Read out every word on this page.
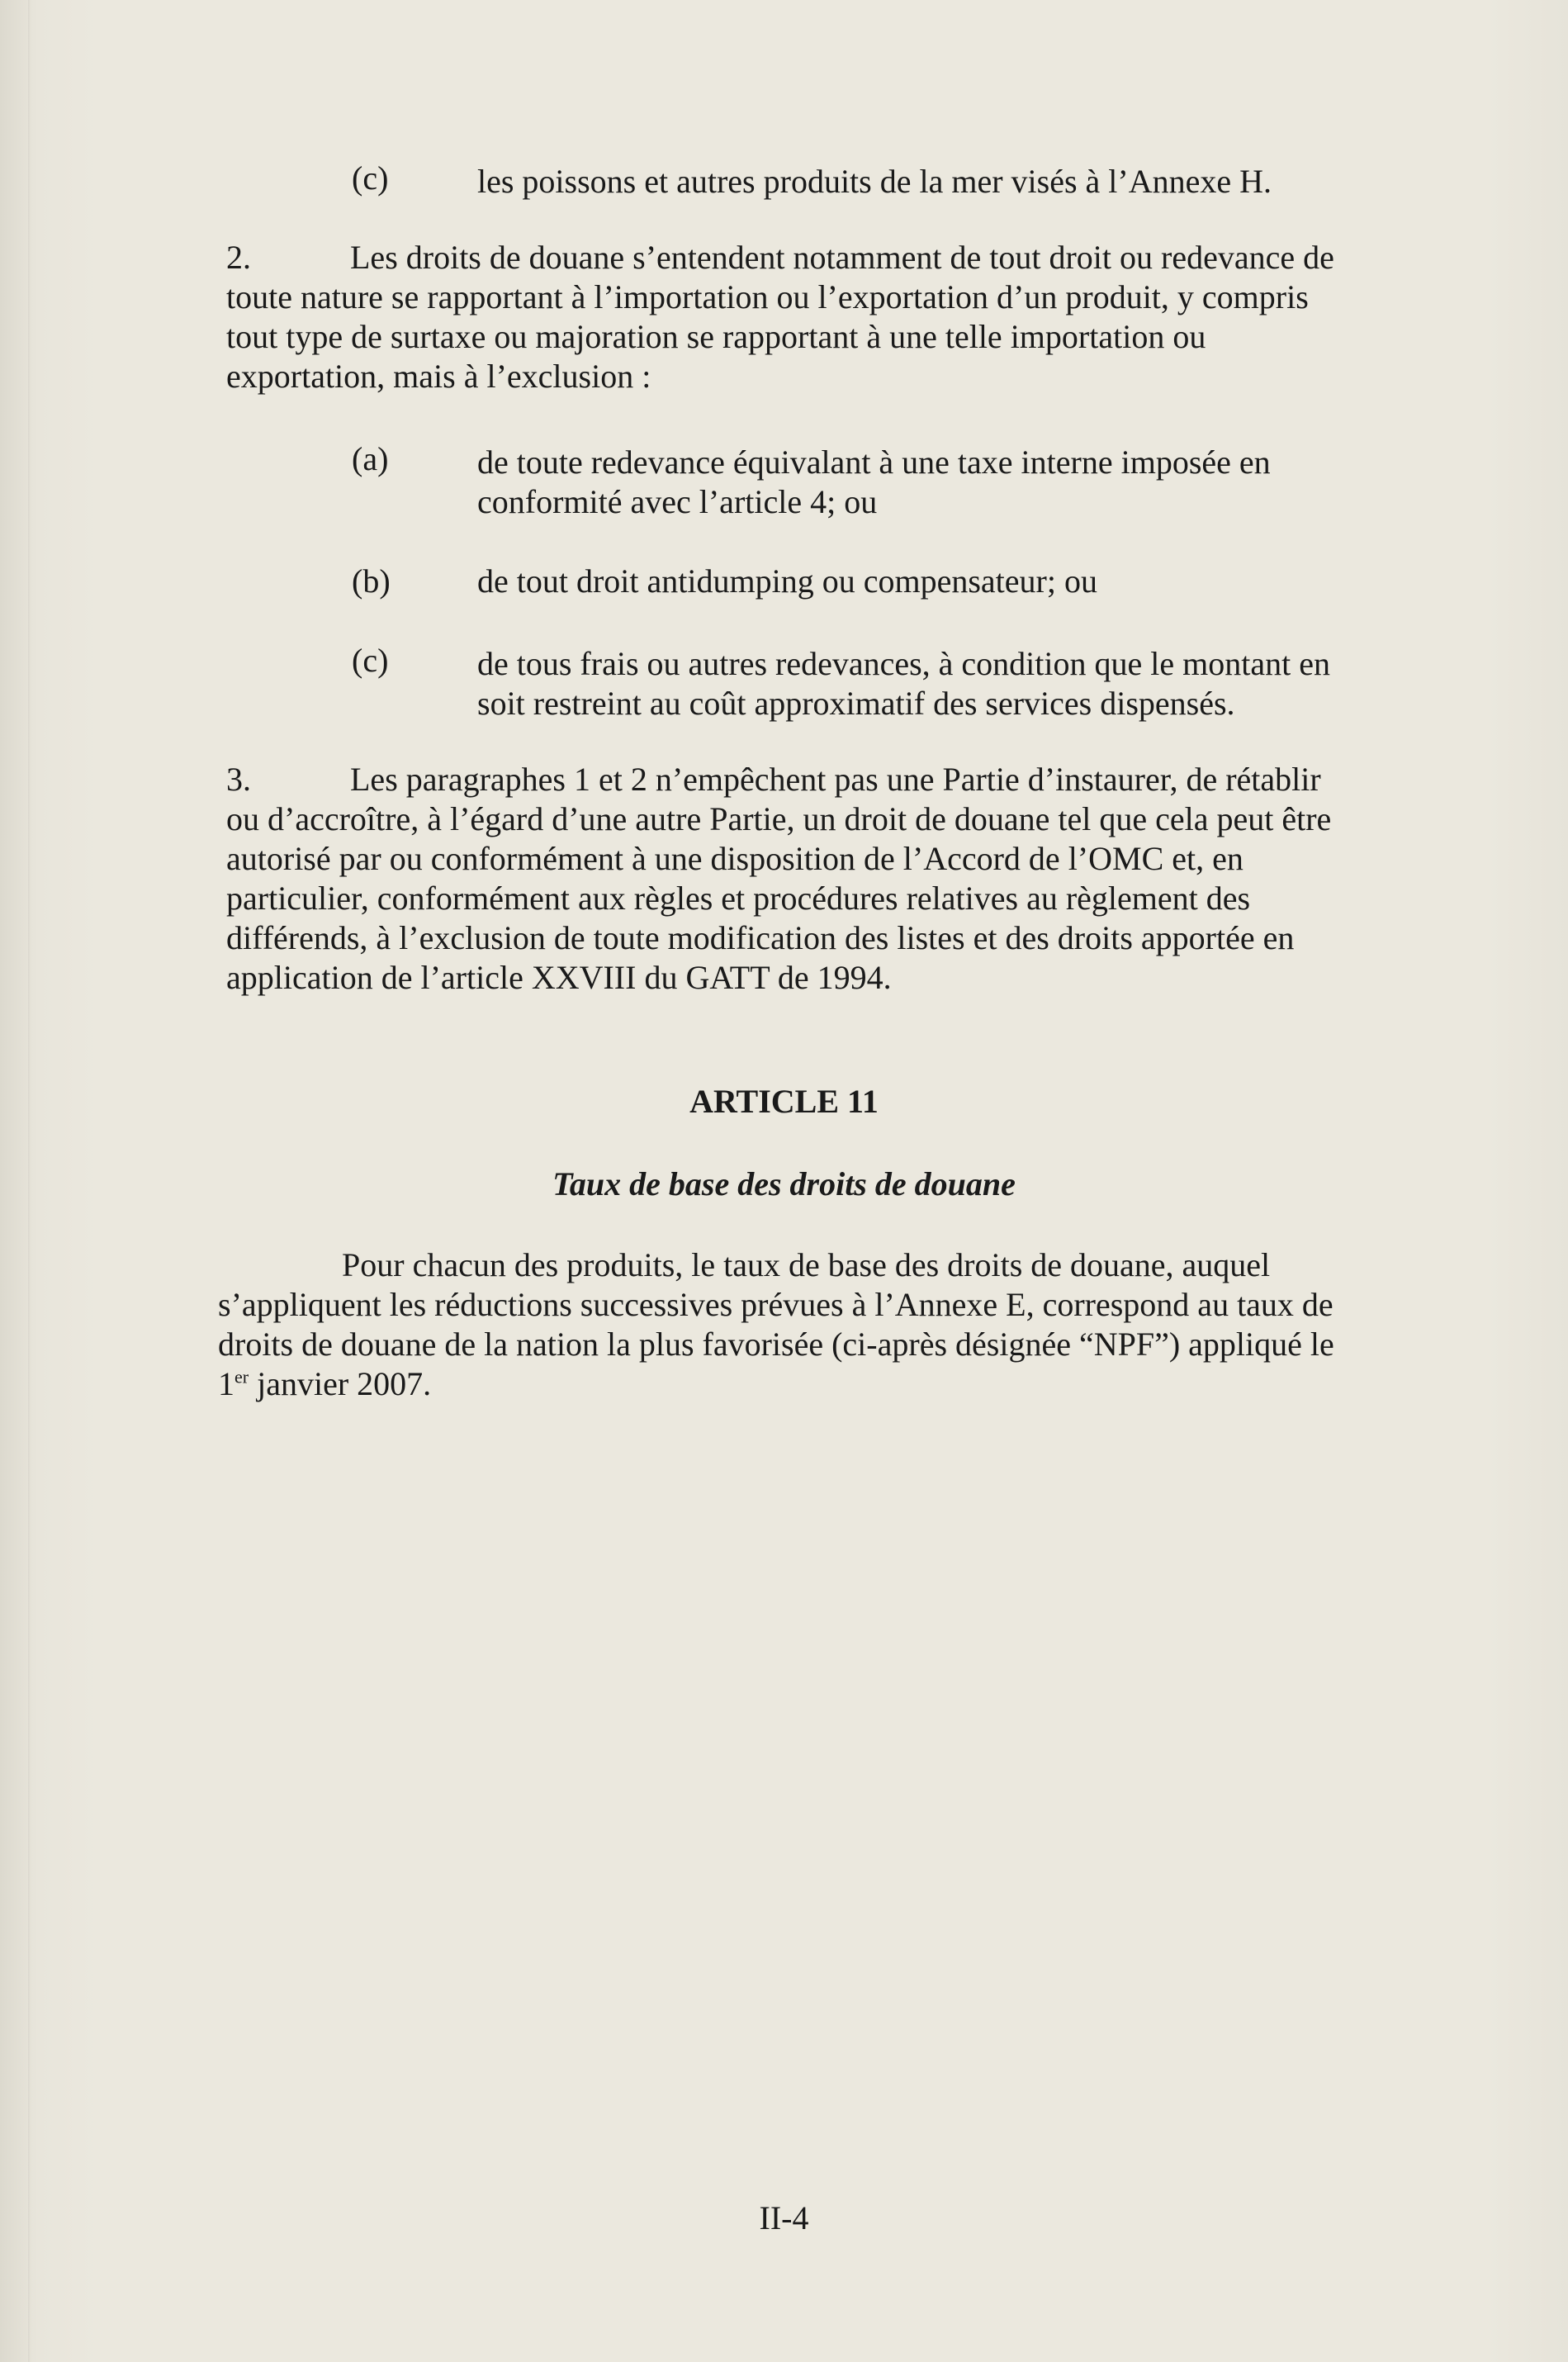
(c)	les poissons et autres produits de la mer visés à l’Annexe H.

2.	Les droits de douane s’entendent notamment de tout droit ou redevance de toute nature se rapportant à l’importation ou l’exportation d’un produit, y compris tout type de surtaxe ou majoration se rapportant à une telle importation ou exportation, mais à l’exclusion :

(a)	de toute redevance équivalant à une taxe interne imposée en conformité avec l’article 4; ou

(b)	de tout droit antidumping ou compensateur; ou

(c)	de tous frais ou autres redevances, à condition que le montant en soit restreint au coût approximatif des services dispensés.

3.	Les paragraphes 1 et 2 n’empêchent pas une Partie d’instaurer, de rétablir ou d’accroître, à l’égard d’une autre Partie, un droit de douane tel que cela peut être autorisé par ou conformément à une disposition de l’Accord de l’OMC et, en particulier, conformément aux règles et procédures relatives au règlement des différends, à l’exclusion de toute modification des listes et des droits apportée en application de l’article XXVIII du GATT de 1994.

ARTICLE 11

Taux de base des droits de douane

Pour chacun des produits, le taux de base des droits de douane, auquel s’appliquent les réductions successives prévues à l’Annexe E, correspond au taux de droits de douane de la nation la plus favorisée (ci-après désignée “NPF”) appliqué le 1er janvier 2007.

II-4
